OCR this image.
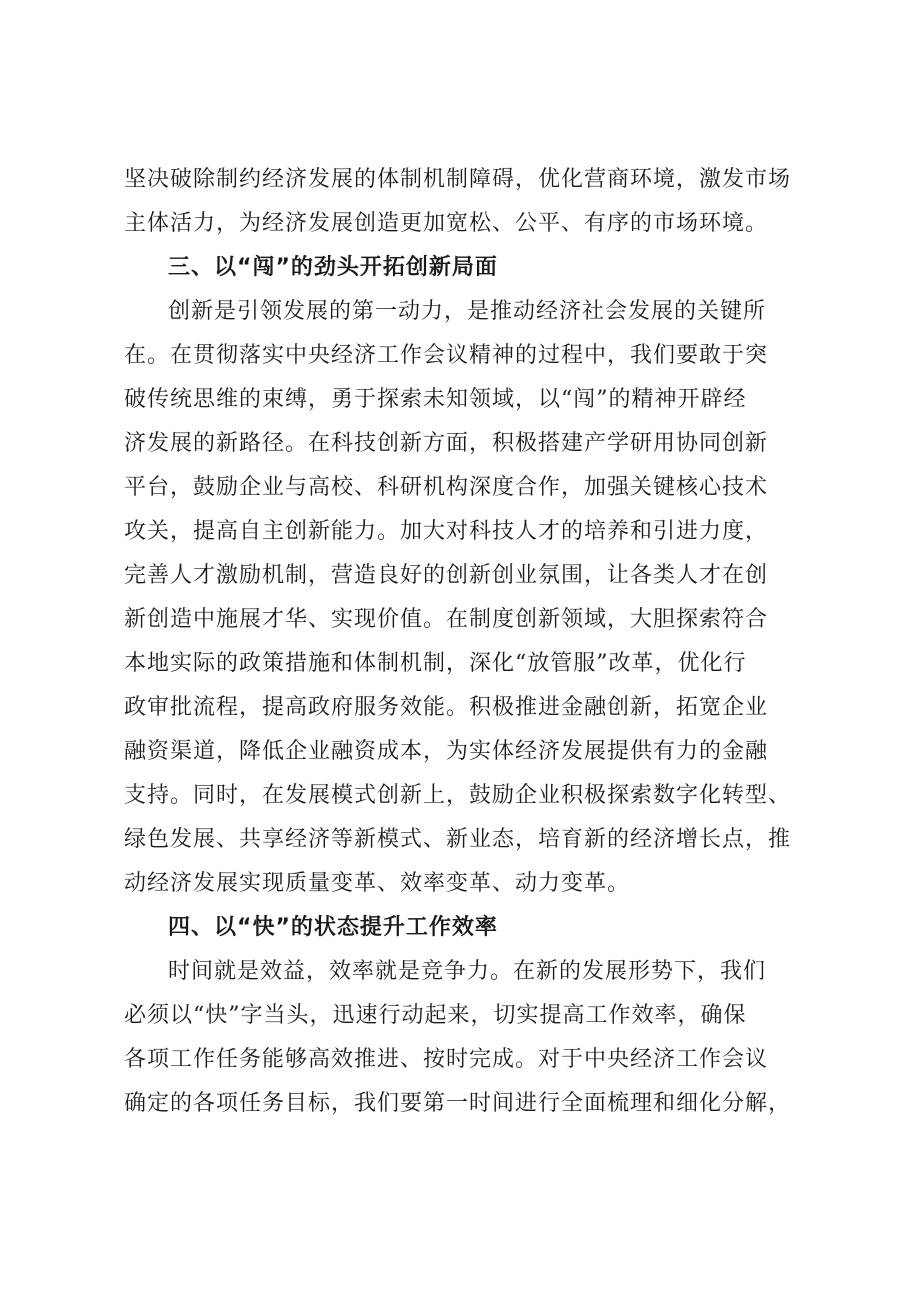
坚决破除制约经济发展的体制机制障碍，优化营商环境，激发市场
主体活力，为经济发展创造更加宽松、公平、有序的市场环境。
三、以“闯”的劲头开拓创新局面
创新是引领发展的第一动力，是推动经济社会发展的关键所
在。在贯彻落实中央经济工作会议精神的过程中，我们要敢于突
破传统思维的束缚，勇于探索未知领域，以“闯”的精神开辟经
济发展的新路径。在科技创新方面，积极搭建产学研用协同创新
平台，鼓励企业与高校、科研机构深度合作，加强关键核心技术
攻关，提高自主创新能力。加大对科技人才的培养和引进力度，
完善人才激励机制，营造良好的创新创业氛围，让各类人才在创
新创造中施展才华、实现价值。在制度创新领域，大胆探索符合
本地实际的政策措施和体制机制，深化“放管服”改革，优化行
政审批流程，提高政府服务效能。积极推进金融创新，拓宽企业
融资渠道，降低企业融资成本，为实体经济发展提供有力的金融
支持。同时，在发展模式创新上，鼓励企业积极探索数字化转型、
绿色发展、共享经济等新模式、新业态，培育新的经济增长点，推
动经济发展实现质量变革、效率变革、动力变革。
四、以“快”的状态提升工作效率
时间就是效益，效率就是竞争力。在新的发展形势下，我们
必须以“快”字当头，迅速行动起来，切实提高工作效率，确保
各项工作任务能够高效推进、按时完成。对于中央经济工作会议
确定的各项任务目标，我们要第一时间进行全面梳理和细化分解，
